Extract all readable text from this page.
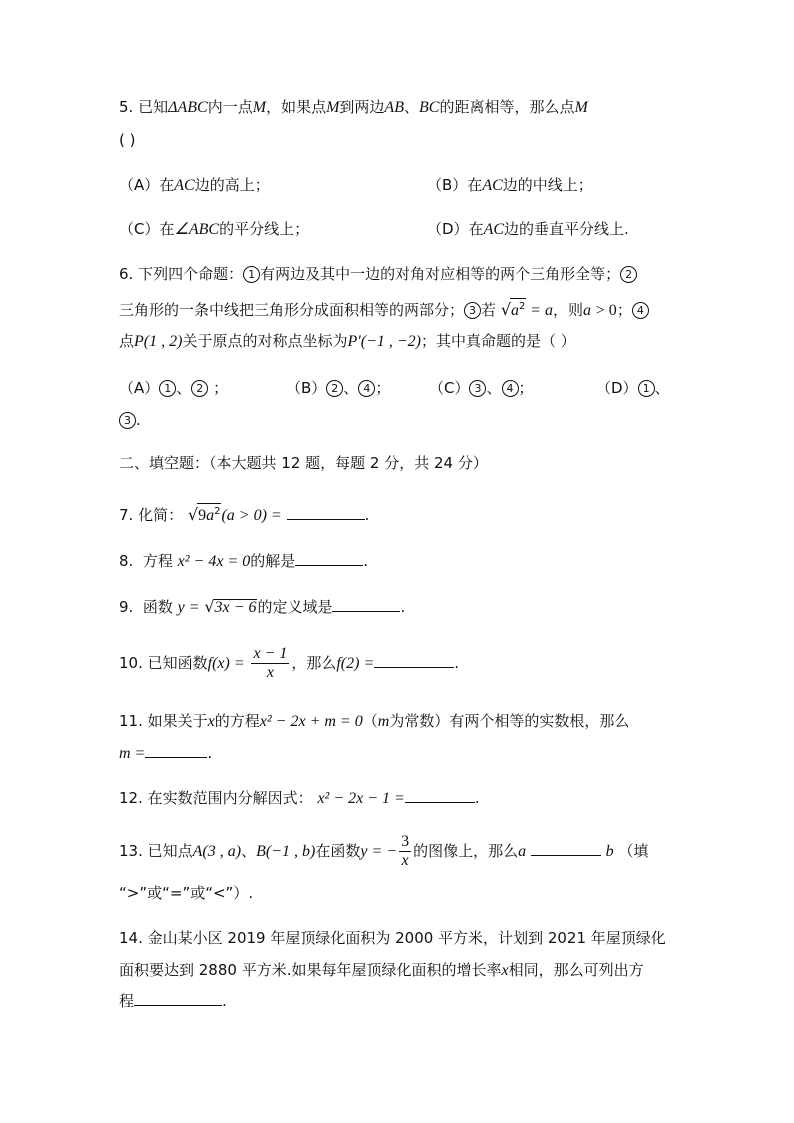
5. 已知ΔABC内一点M，如果点M到两边AB、BC的距离相等，那么点M
( )
（A）在AC边的高上；	（B）在AC边的中线上；
（C）在∠ABC的平分线上；	（D）在AC边的垂直平分线上.
6. 下列四个命题： 1 有两边及其中一边的对角对应相等的两个三角形全等； 2
三角形的一条中线把三角形分成面积相等的两部分； 3 若 $√a^2 = a$，则a > 0； 4
点P(1 , 2)关于原点的对称点坐标为P′(−1 , −2)；其中真命题的是（ ）
（A） 1 、 2 ；	（B） 2 、 4 ；	（C） 3 、 4 ；	（D） 1 、
3 .
二、填空题：（本大题共 12 题，每题 2 分，共 24 分）
7. 化简： $√9a^2(a > 0)$ =	.
8. 方程 x² − 4x = 0的解是	.
9. 函数 y = √3x − 6的定义域是	.
10. 已知函数$f(x) = \frac{x - 1}{x}$ ，那么f(2) =	.
11. 如果关于x的方程x² − 2x + m = 0（m为常数）有两个相等的实数根，那么
m =	.
12. 在实数范围内分解因式： x² − 2x − 1 =	.
13. 已知点A(3 , a)、B(−1 , b)在函数y = − $\frac{3}{x}$ 的图像上，那么a	b （填
“>”或“=”或“<”）.
14. 金山某小区 2019 年屋顶绿化面积为 2000 平方米，计划到 2021 年屋顶绿化
面积要达到 2880 平方米.如果每年屋顶绿化面积的增长率x相同，那么可列出方
程	.
